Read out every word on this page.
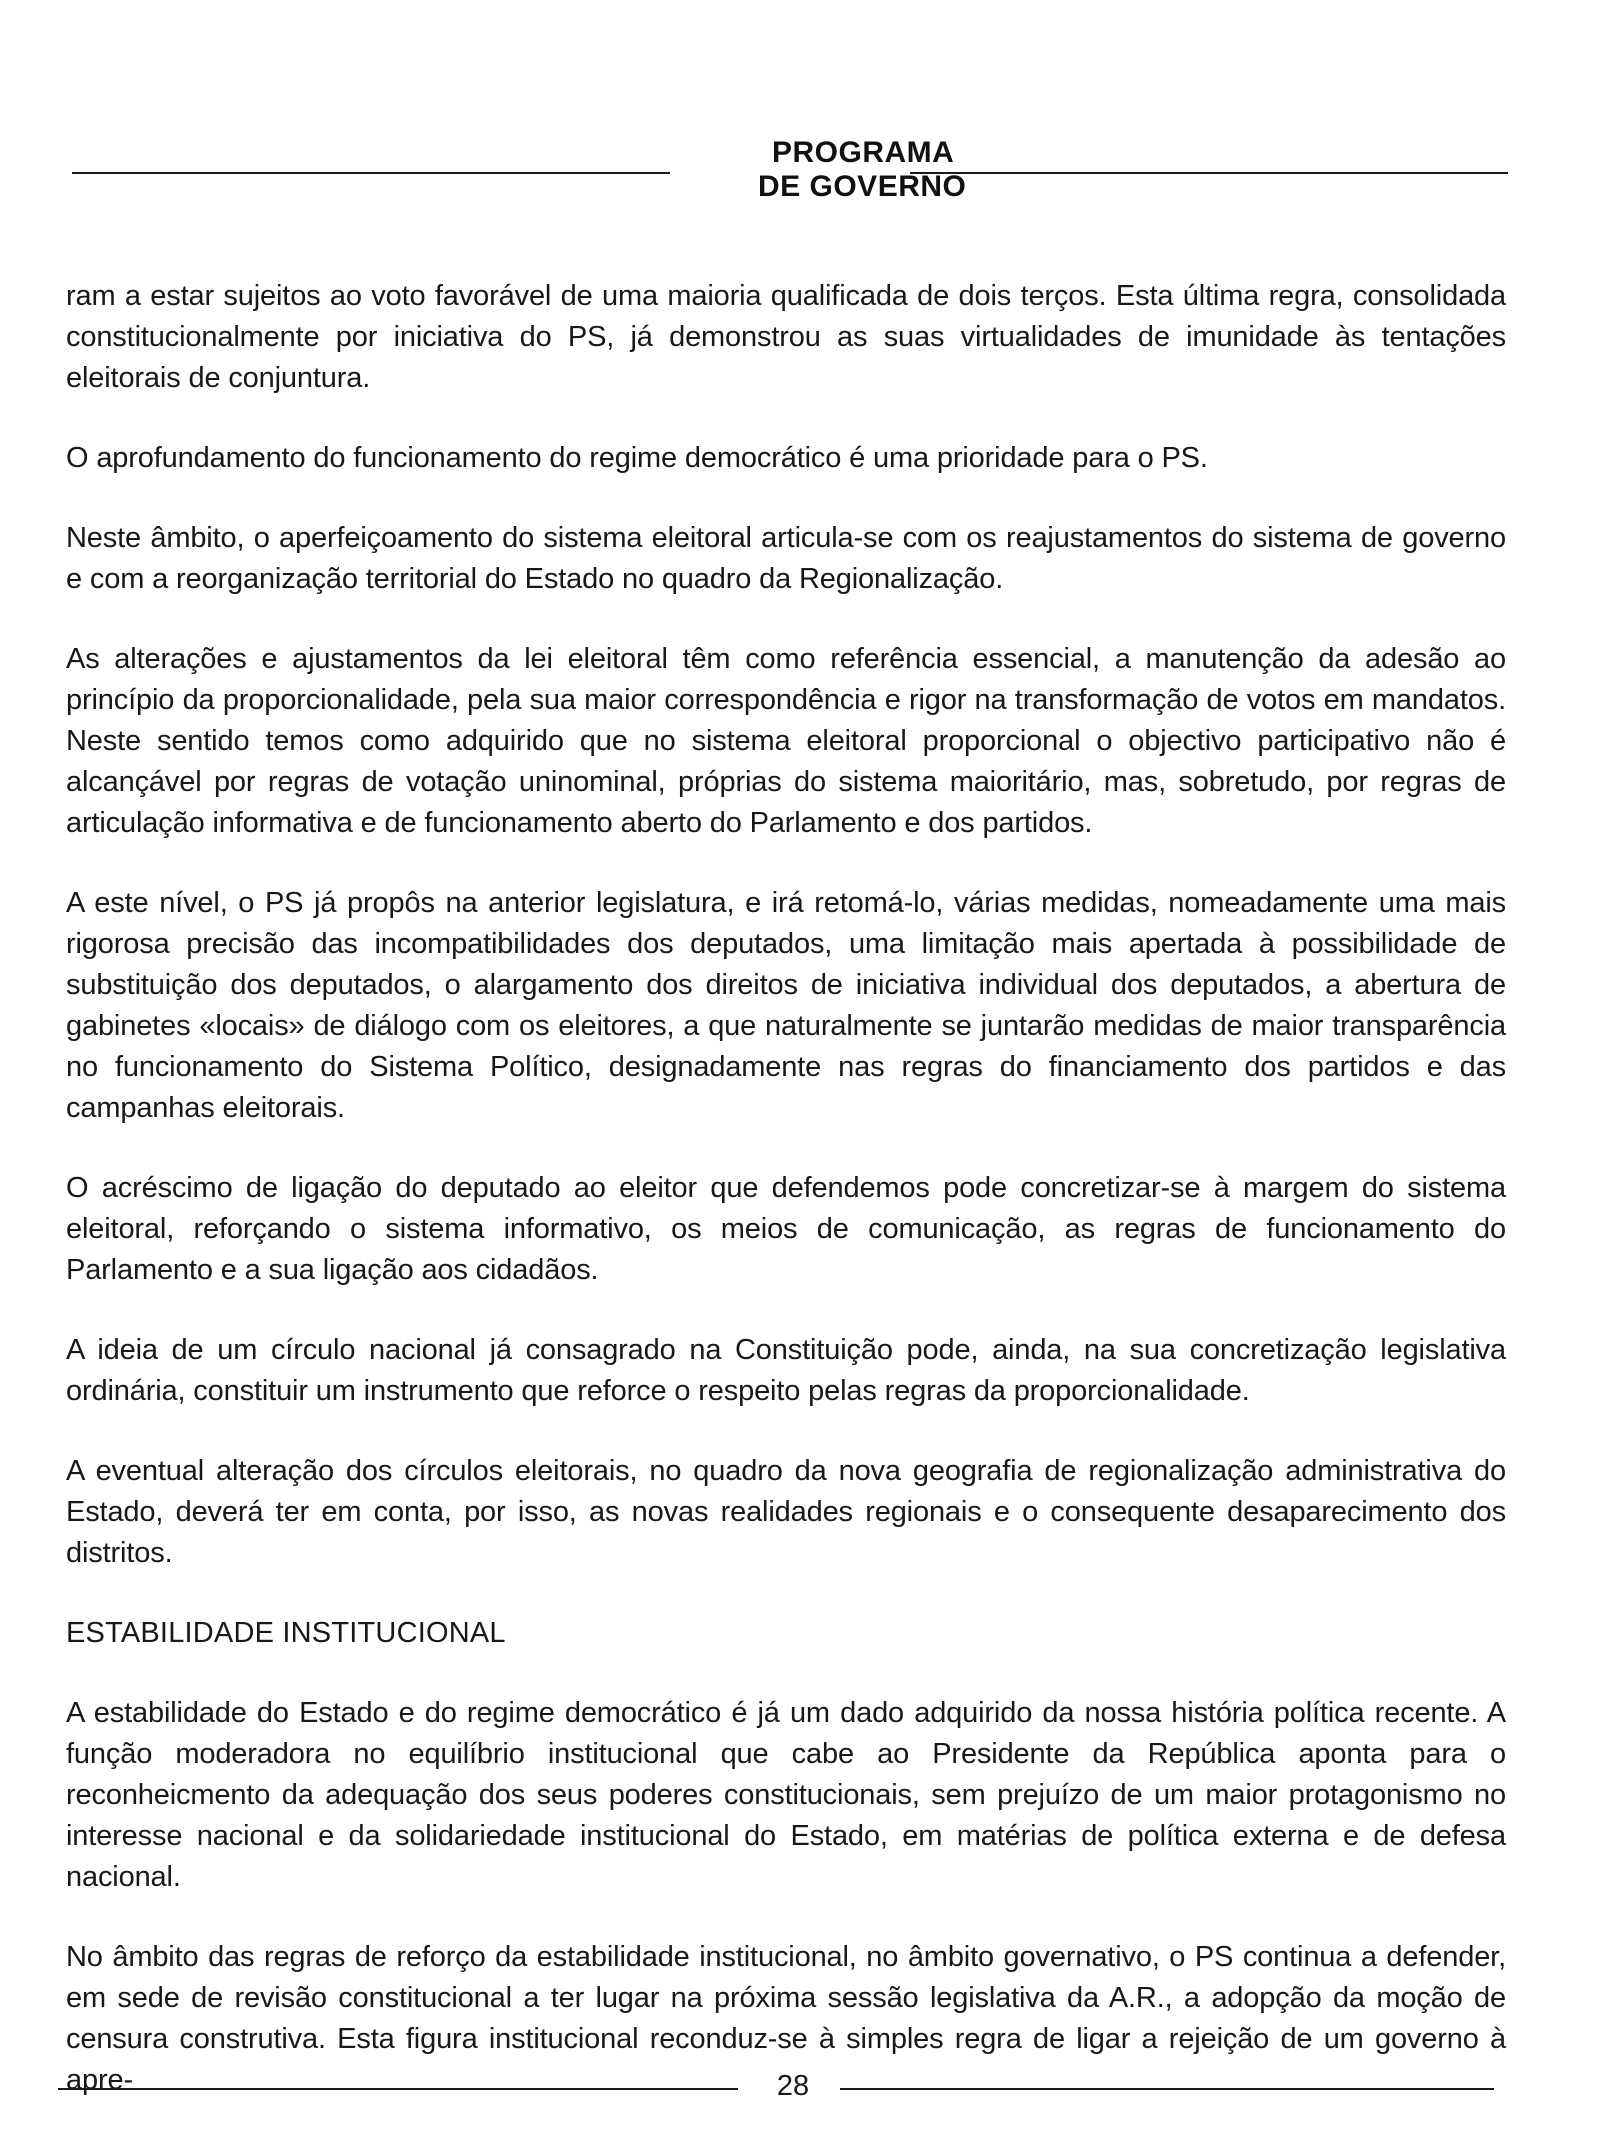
PROGRAMA
DE GOVERNO

ram a estar sujeitos ao voto favorável de uma maioria qualificada de dois terços. Esta última regra, consolidada constitucionalmente por iniciativa do PS, já demonstrou as suas virtualidades de imunidade às tentações eleitorais de conjuntura.

O aprofundamento do funcionamento do regime democrático é uma prioridade para o PS.

Neste âmbito, o aperfeiçoamento do sistema eleitoral articula-se com os reajustamentos do sistema de governo e com a reorganização territorial do Estado no quadro da Regionalização.

As alterações e ajustamentos da lei eleitoral têm como referência essencial, a manutenção da adesão ao princípio da proporcionalidade, pela sua maior correspondência e rigor na transformação de votos em mandatos. Neste sentido temos como adquirido que no sistema eleitoral proporcional o objectivo participativo não é alcançável por regras de votação uninominal, próprias do sistema maioritário, mas, sobretudo, por regras de articulação informativa e de funcionamento aberto do Parlamento e dos partidos.

A este nível, o PS já propôs na anterior legislatura, e irá retomá-lo, várias medidas, nomeadamente uma mais rigorosa precisão das incompatibilidades dos deputados, uma limitação mais apertada à possibilidade de substituição dos deputados, o alargamento dos direitos de iniciativa individual dos deputados, a abertura de gabinetes «locais» de diálogo com os eleitores, a que naturalmente se juntarão medidas de maior transparência no funcionamento do Sistema Político, designadamente nas regras do financiamento dos partidos e das campanhas eleitorais.

O acréscimo de ligação do deputado ao eleitor que defendemos pode concretizar-se à margem do sistema eleitoral, reforçando o sistema informativo, os meios de comunicação, as regras de funcionamento do Parlamento e a sua ligação aos cidadãos.

A ideia de um círculo nacional já consagrado na Constituição pode, ainda, na sua concretização legislativa ordinária, constituir um instrumento que reforce o respeito pelas regras da proporcionalidade.

A eventual alteração dos círculos eleitorais, no quadro da nova geografia de regionalização administrativa do Estado, deverá ter em conta, por isso, as novas realidades regionais e o consequente desaparecimento dos distritos.

ESTABILIDADE INSTITUCIONAL

A estabilidade do Estado e do regime democrático é já um dado adquirido da nossa história política recente. A função moderadora no equilíbrio institucional que cabe ao Presidente da República aponta para o reconheicmento da adequação dos seus poderes constitucionais, sem prejuízo de um maior protagonismo no interesse nacional e da solidariedade institucional do Estado, em matérias de política externa e de defesa nacional.

No âmbito das regras de reforço da estabilidade institucional, no âmbito governativo, o PS continua a defender, em sede de revisão constitucional a ter lugar na próxima sessão legislativa da A.R., a adopção da moção de censura construtiva. Esta figura institucional reconduz-se à simples regra de ligar a rejeição de um governo à apre-	28
